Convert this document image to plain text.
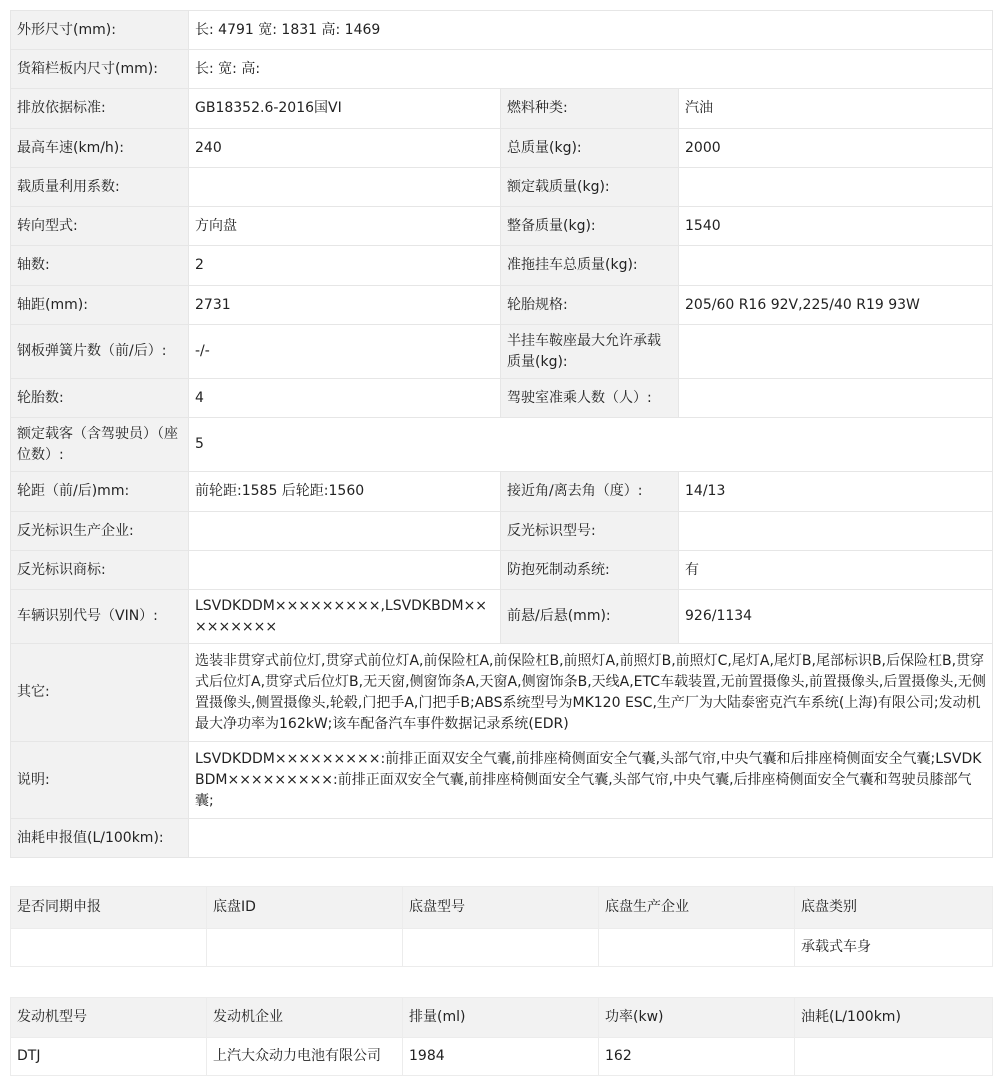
外形尺寸(mm):	长: 4791 宽: 1831 高: 1469		
货箱栏板内尺寸(mm):	长: 宽: 高:		
排放依据标准:	GB18352.6-2016国VI	燃料种类:	汽油
最高车速(km/h):	240	总质量(kg):	2000
载质量利用系数:		额定载质量(kg):	
转向型式:	方向盘	整备质量(kg):	1540
轴数:	2	准拖挂车总质量(kg):	
轴距(mm):	2731	轮胎规格:	205/60 R16 92V,225/40 R19 93W
钢板弹簧片数（前/后）:	-/-	半挂车鞍座最大允许承载质量(kg):	
轮胎数:	4	驾驶室准乘人数（人）:	
额定载客（含驾驶员）（座位数）:	5		
轮距（前/后)mm:	前轮距:1585 后轮距:1560	接近角/离去角（度）:	14/13
反光标识生产企业:		反光标识型号:	
反光标识商标:		防抱死制动系统:	有
车辆识别代号（VIN）:	LSVDKDDM×××××××××,LSVDKBDM×××××××××	前悬/后悬(mm):	926/1134
其它:	选装非贯穿式前位灯,贯穿式前位灯A,前保险杠A,前保险杠B,前照灯A,前照灯B,前照灯C,尾灯A,尾灯B,尾部标识B,后保险杠B,贯穿式后位灯A,贯穿式后位灯B,无天窗,侧窗饰条A,天窗A,侧窗饰条B,天线A,ETC车载装置,无前置摄像头,前置摄像头,后置摄像头,无侧置摄像头,侧置摄像头,轮毂,门把手A,门把手B;ABS系统型号为MK120 ESC,生产厂为大陆泰密克汽车系统(上海)有限公司;发动机最大净功率为162kW;该车配备汽车事件数据记录系统(EDR)		
说明:	LSVDKDDM×××××××××:前排正面双安全气囊,前排座椅侧面安全气囊,头部气帘,中央气囊和后排座椅侧面安全气囊;LSVDKBDM×××××××××:前排正面双安全气囊,前排座椅侧面安全气囊,头部气帘,中央气囊,后排座椅侧面安全气囊和驾驶员膝部气囊;		
油耗申报值(L/100km):			
是否同期申报	底盘ID	底盘型号	底盘生产企业	底盘类别
				承载式车身
发动机型号	发动机企业	排量(ml)	功率(kw)	油耗(L/100km)
DTJ	上汽大众动力电池有限公司	1984	162	
